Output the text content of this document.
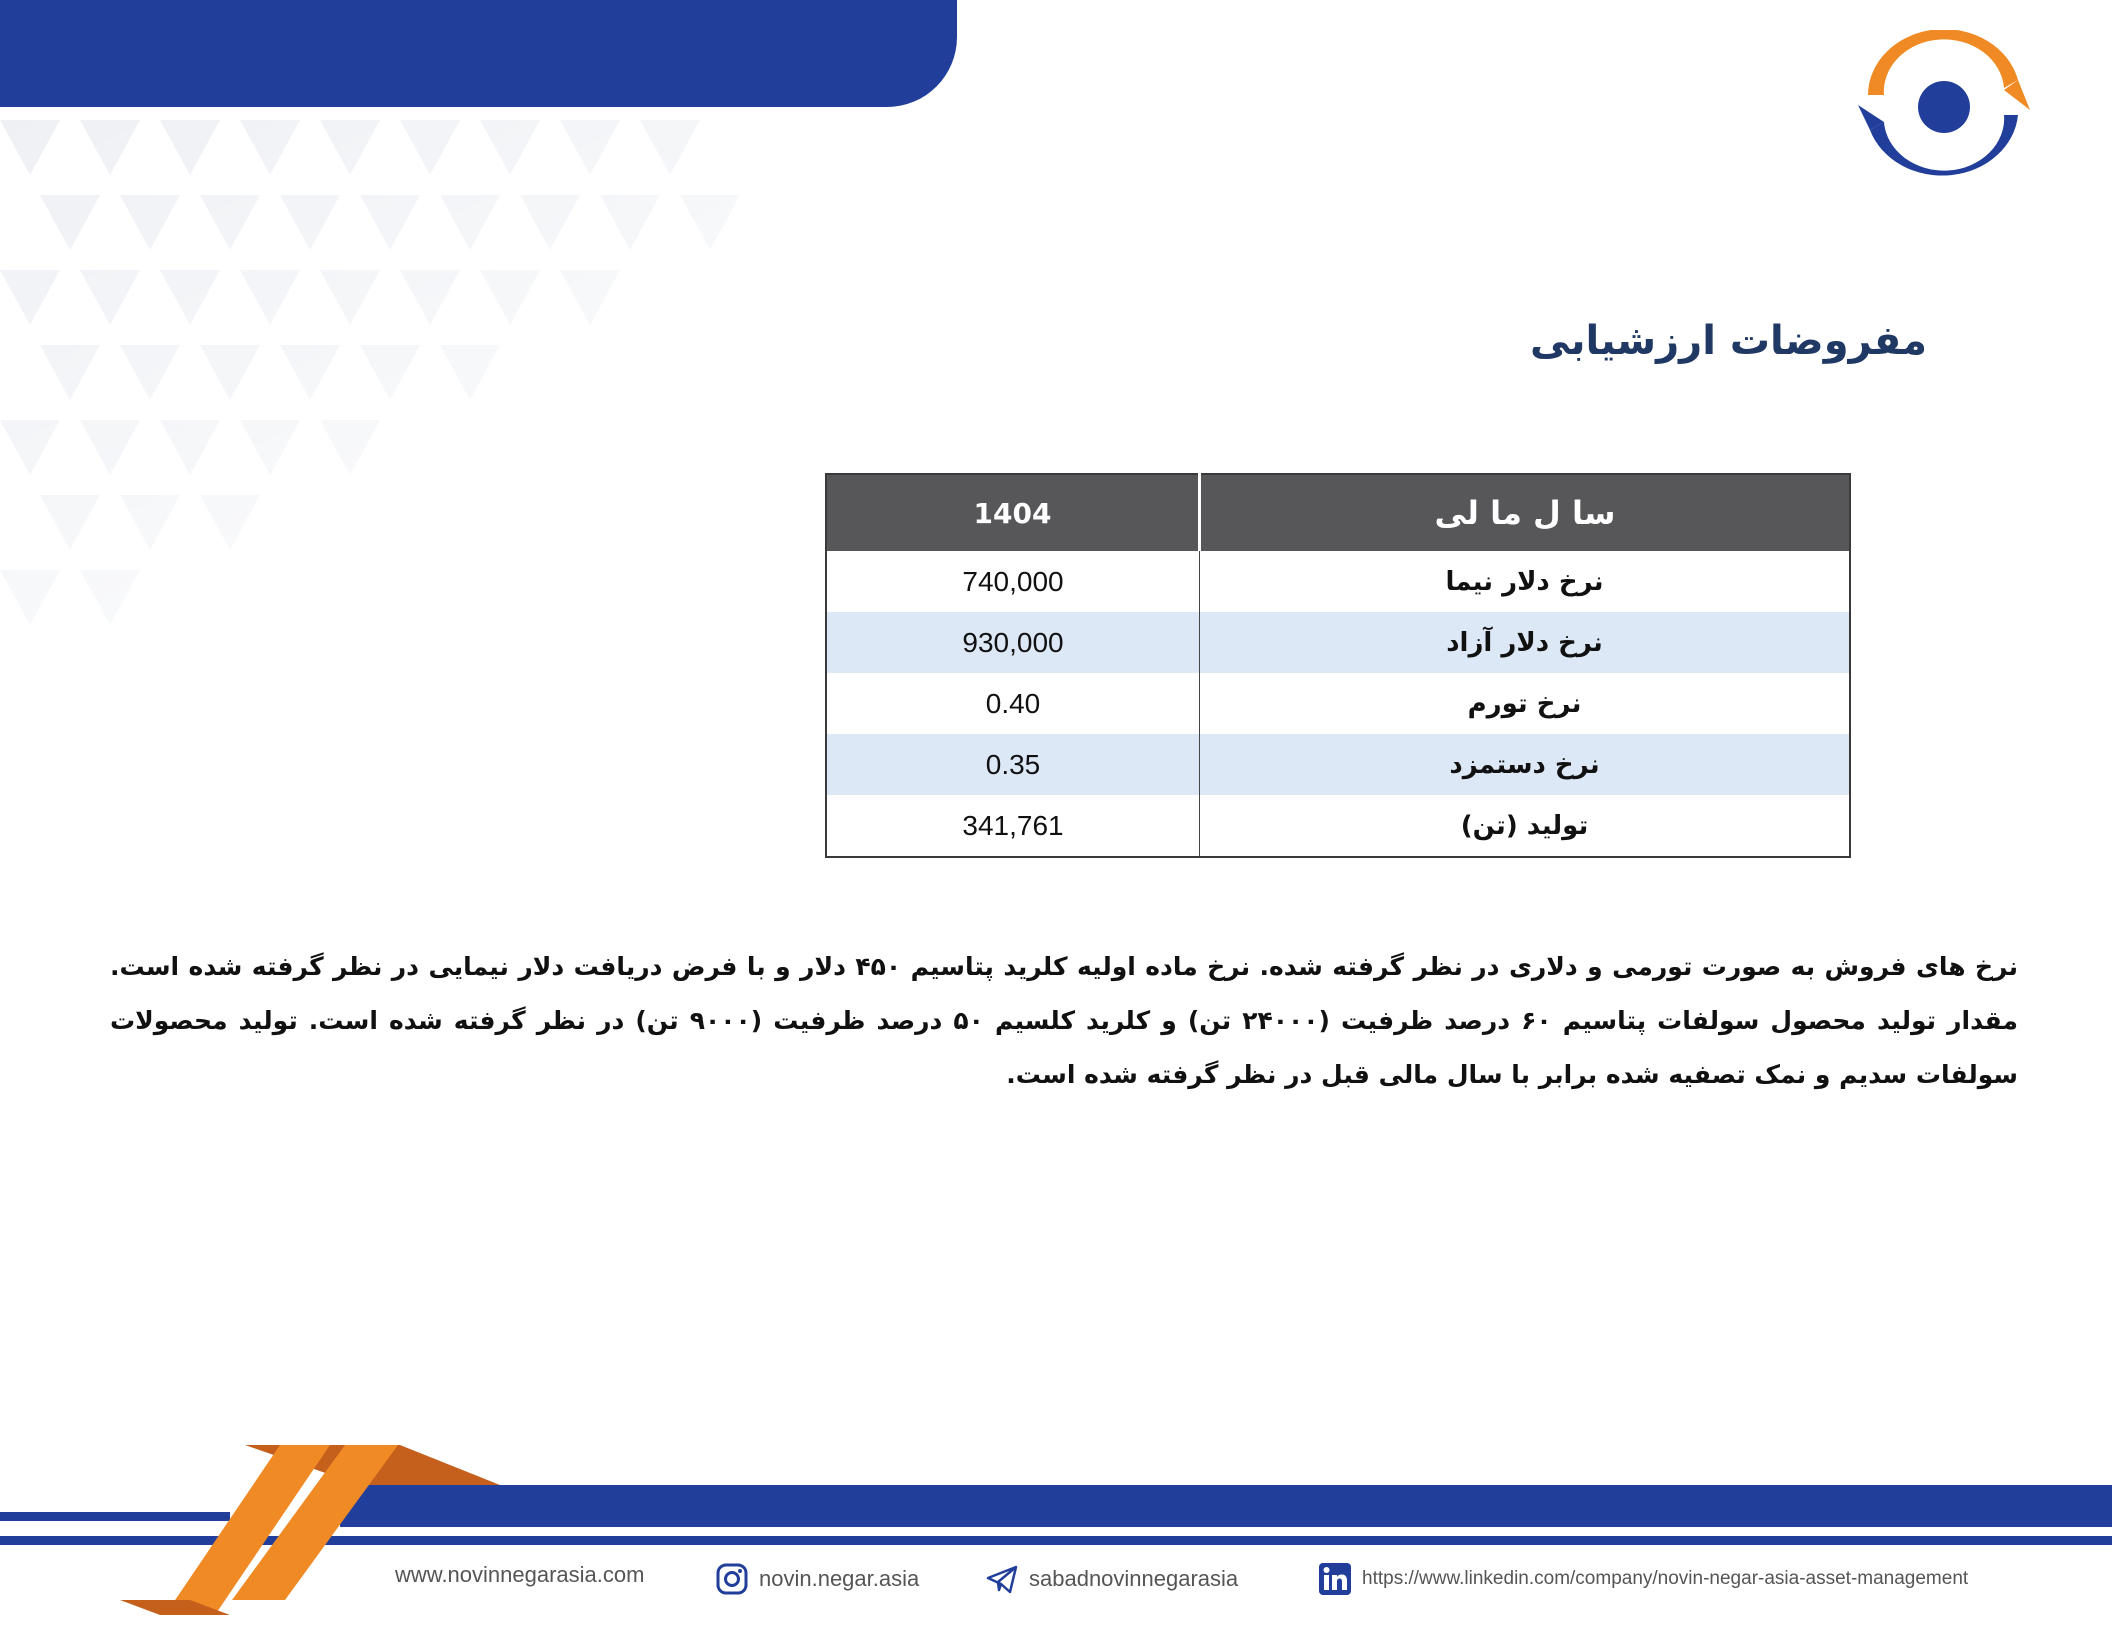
مفروضات ارزشیابی
سا ل ما لی	1404
نرخ دلار نیما	740,000
نرخ دلار آزاد	930,000
نرخ تورم	0.40
نرخ دستمزد	0.35
تولید (تن)	341,761
نرخ های فروش به صورت تورمی و دلاری در نظر گرفته شده. نرخ ماده اولیه کلرید پتاسیم ۴۵۰ دلار و با فرض دریافت دلار نیمایی در نظر گرفته شده است. مقدار تولید محصول سولفات پتاسیم ۶۰ درصد ظرفیت (۲۴۰۰۰ تن) و کلرید کلسیم ۵۰ درصد ظرفیت (۹۰۰۰ تن) در نظر گرفته شده است. تولید محصولات سولفات سدیم و نمک تصفیه شده برابر با سال مالی قبل در نظر گرفته شده است.
www.novinnegarasia.com	novin.negar.asia	sabadnovinnegarasia	https://www.linkedin.com/company/novin-negar-asia-asset-management
